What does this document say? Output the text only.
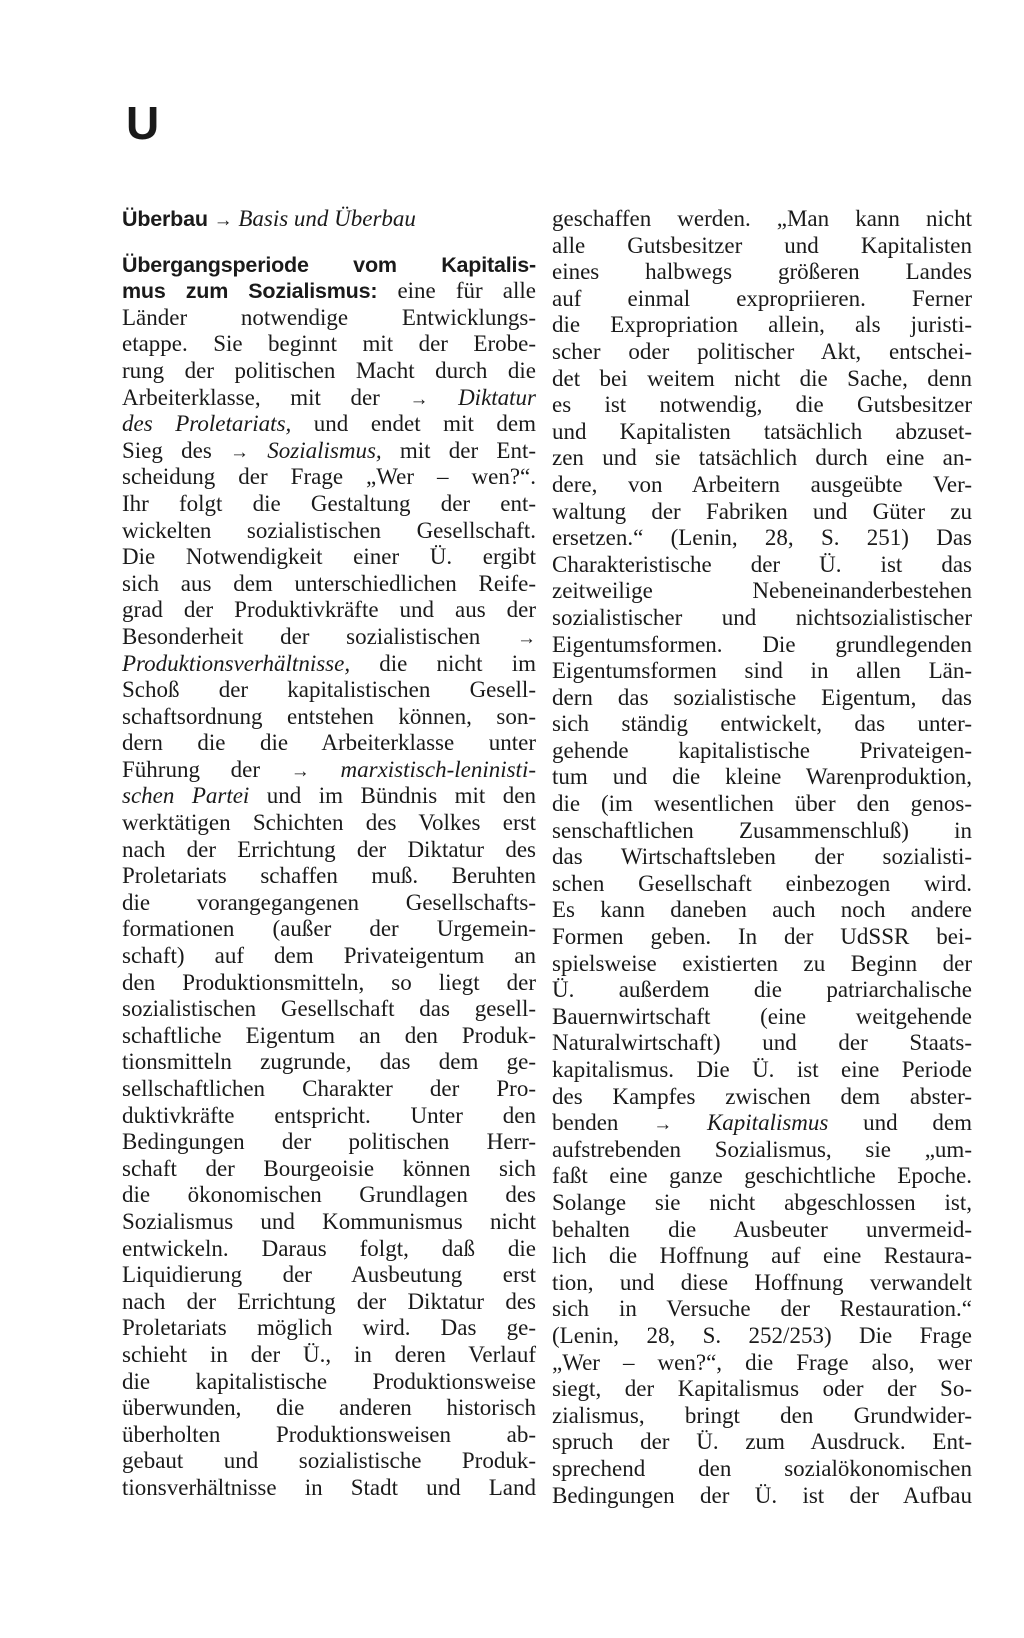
U
Überbau → Basis und Überbau
Übergangsperiode vom Kapitalis-
mus zum Sozialismus: eine für alle
Länder notwendige Entwicklungs-
etappe. Sie beginnt mit der Erobe-
rung der politischen Macht durch die
Arbeiterklasse, mit der → Diktatur
des Proletariats, und endet mit dem
Sieg des → Sozialismus, mit der Ent-
scheidung der Frage „Wer – wen?“.
Ihr folgt die Gestaltung der ent-
wickelten sozialistischen Gesellschaft.
Die Notwendigkeit einer Ü. ergibt
sich aus dem unterschiedlichen Reife-
grad der Produktivkräfte und aus der
Besonderheit der sozialistischen →
Produktionsverhältnisse, die nicht im
Schoß der kapitalistischen Gesell-
schaftsordnung entstehen können, son-
dern die die Arbeiterklasse unter
Führung der → marxistisch-leninisti-
schen Partei und im Bündnis mit den
werktätigen Schichten des Volkes erst
nach der Errichtung der Diktatur des
Proletariats schaffen muß. Beruhten
die vorangegangenen Gesellschafts-
formationen (außer der Urgemein-
schaft) auf dem Privateigentum an
den Produktionsmitteln, so liegt der
sozialistischen Gesellschaft das gesell-
schaftliche Eigentum an den Produk-
tionsmitteln zugrunde, das dem ge-
sellschaftlichen Charakter der Pro-
duktivkräfte entspricht. Unter den
Bedingungen der politischen Herr-
schaft der Bourgeoisie können sich
die ökonomischen Grundlagen des
Sozialismus und Kommunismus nicht
entwickeln. Daraus folgt, daß die
Liquidierung der Ausbeutung erst
nach der Errichtung der Diktatur des
Proletariats möglich wird. Das ge-
schieht in der Ü., in deren Verlauf
die kapitalistische Produktionsweise
überwunden, die anderen historisch
überholten Produktionsweisen ab-
gebaut und sozialistische Produk-
tionsverhältnisse in Stadt und Land
geschaffen werden. „Man kann nicht
alle Gutsbesitzer und Kapitalisten
eines halbwegs größeren Landes
auf einmal expropriieren. Ferner
die Expropriation allein, als juristi-
scher oder politischer Akt, entschei-
det bei weitem nicht die Sache, denn
es ist notwendig, die Gutsbesitzer
und Kapitalisten tatsächlich abzuset-
zen und sie tatsächlich durch eine an-
dere, von Arbeitern ausgeübte Ver-
waltung der Fabriken und Güter zu
ersetzen.“ (Lenin, 28, S. 251) Das
Charakteristische der Ü. ist das
zeitweilige Nebeneinanderbestehen
sozialistischer und nichtsozialistischer
Eigentumsformen. Die grundlegenden
Eigentumsformen sind in allen Län-
dern das sozialistische Eigentum, das
sich ständig entwickelt, das unter-
gehende kapitalistische Privateigen-
tum und die kleine Warenproduktion,
die (im wesentlichen über den genos-
senschaftlichen Zusammenschluß) in
das Wirtschaftsleben der sozialisti-
schen Gesellschaft einbezogen wird.
Es kann daneben auch noch andere
Formen geben. In der UdSSR bei-
spielsweise existierten zu Beginn der
Ü. außerdem die patriarchalische
Bauernwirtschaft (eine weitgehende
Naturalwirtschaft) und der Staats-
kapitalismus. Die Ü. ist eine Periode
des Kampfes zwischen dem abster-
benden → Kapitalismus und dem
aufstrebenden Sozialismus, sie „um-
faßt eine ganze geschichtliche Epoche.
Solange sie nicht abgeschlossen ist,
behalten die Ausbeuter unvermeid-
lich die Hoffnung auf eine Restaura-
tion, und diese Hoffnung verwandelt
sich in Versuche der Restauration.“
(Lenin, 28, S. 252/253) Die Frage
„Wer – wen?“, die Frage also, wer
siegt, der Kapitalismus oder der So-
zialismus, bringt den Grundwider-
spruch der Ü. zum Ausdruck. Ent-
sprechend den sozialökonomischen
Bedingungen der Ü. ist der Aufbau
